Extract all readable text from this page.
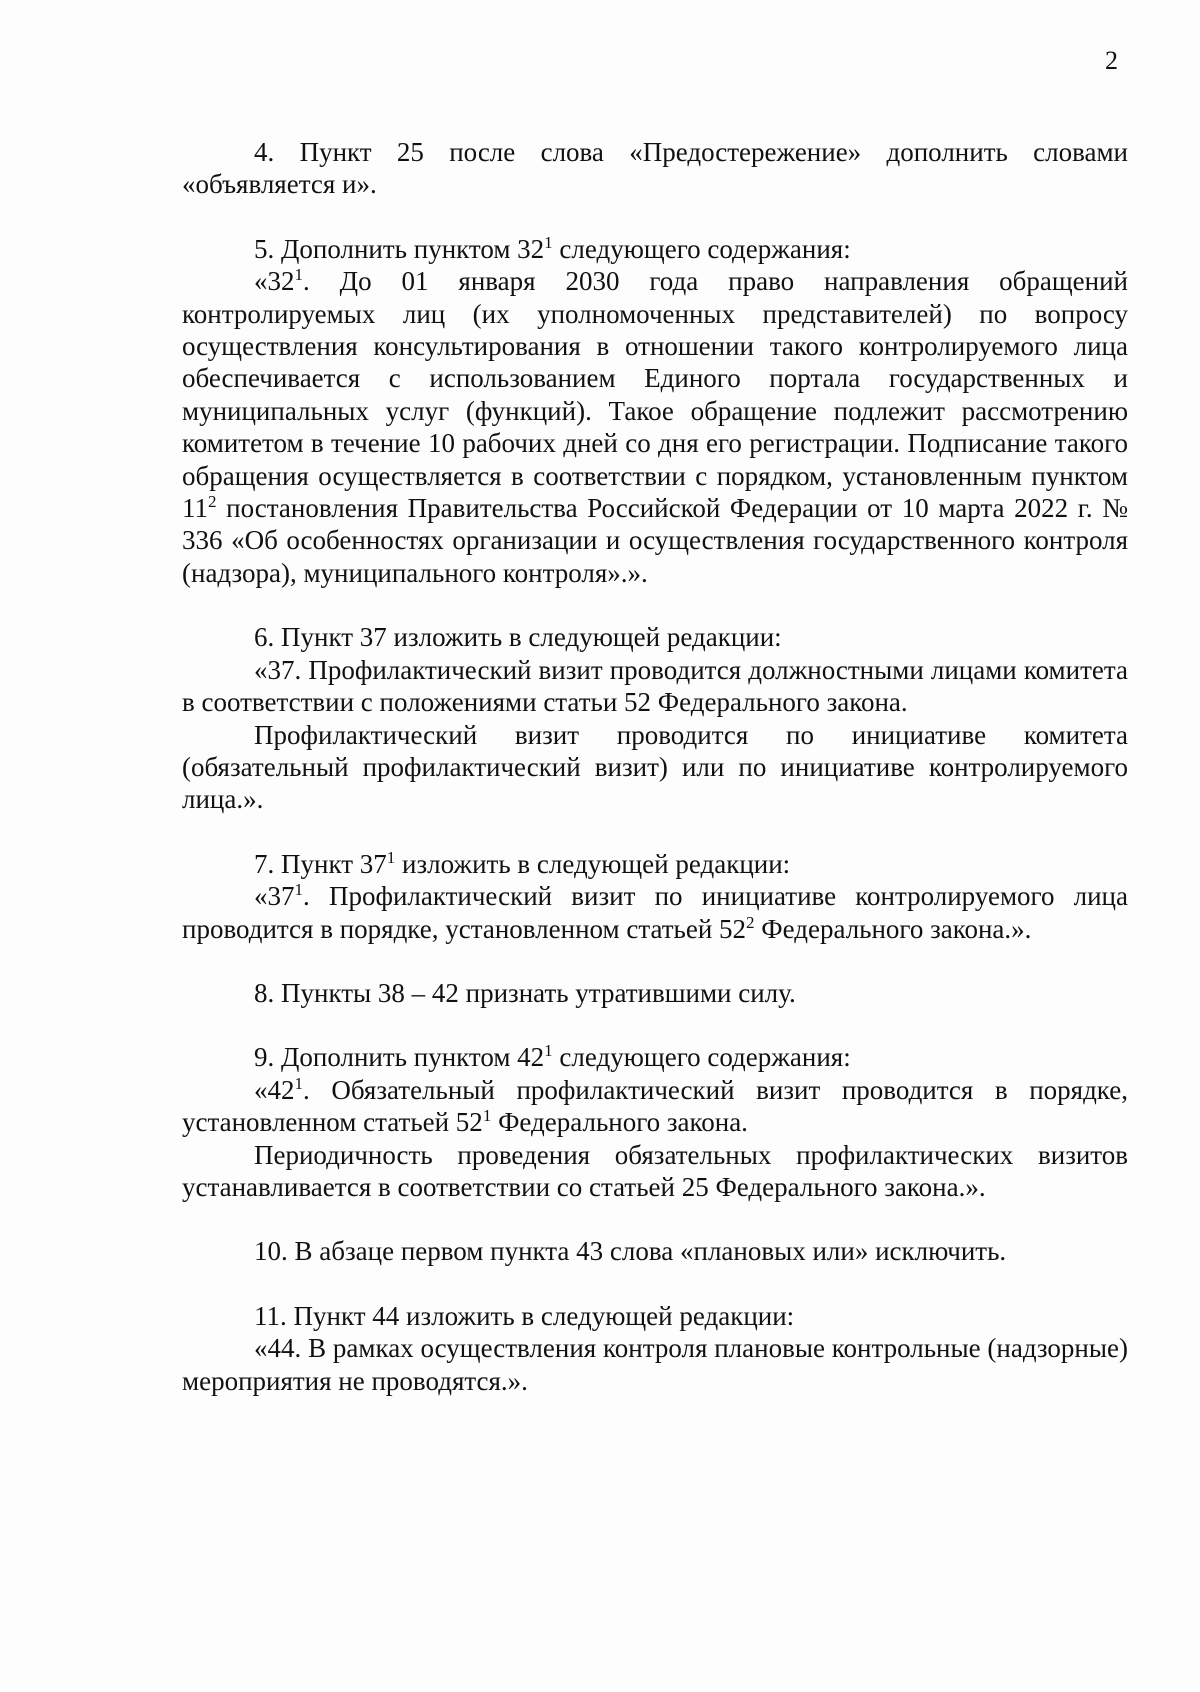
2

4. Пункт 25 после слова «Предостережение» дополнить словами «объявляется и».

5. Дополнить пунктом $32^1$ следующего содержания:

«$32^1$. До 01 января 2030 года право направления обращений контролируемых лиц (их уполномоченных представителей) по вопросу осуществления консультирования в отношении такого контролируемого лица обеспечивается с использованием Единого портала государственных и муниципальных услуг (функций). Такое обращение подлежит рассмотрению комитетом в течение 10 рабочих дней со дня его регистрации. Подписание такого обращения осуществляется в соответствии с порядком, установленным пунктом $11^2$ постановления Правительства Российской Федерации от 10 марта 2022 г. № 336 «Об особенностях организации и осуществления государственного контроля (надзора), муниципального контроля».».

6. Пункт 37 изложить в следующей редакции:

«37. Профилактический визит проводится должностными лицами комитета в соответствии с положениями статьи 52 Федерального закона.

Профилактический визит проводится по инициативе комитета (обязательный профилактический визит) или по инициативе контролируемого лица.».

7. Пункт $37^1$ изложить в следующей редакции:

«$37^1$. Профилактический визит по инициативе контролируемого лица проводится в порядке, установленном статьей $52^2$ Федерального закона.».

8. Пункты 38 – 42 признать утратившими силу.

9. Дополнить пунктом $42^1$ следующего содержания:

«$42^1$. Обязательный профилактический визит проводится в порядке, установленном статьей $52^1$ Федерального закона.

Периодичность проведения обязательных профилактических визитов устанавливается в соответствии со статьей 25 Федерального закона.».

10. В абзаце первом пункта 43 слова «плановых или» исключить.

11. Пункт 44 изложить в следующей редакции:

«44. В рамках осуществления контроля плановые контрольные (надзорные) мероприятия не проводятся.».
